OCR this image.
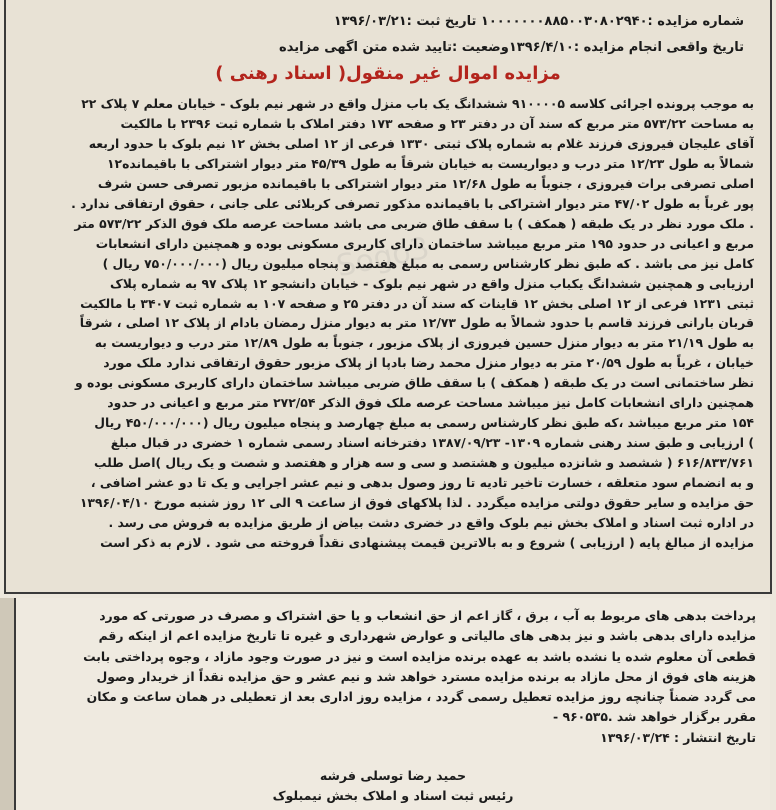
Sogo3
شماره مزایده :۱۰۰۰۰۰۰۰۸۸۵۰۰۳۰۸۰۲۹۴۰ تاریخ ثبت :۱۳۹۶/۰۳/۲۱
تاریخ واقعی انجام مزایده :۱۳۹۶/۴/۱۰وضعیت :تایید شده متن اگهی مزایده
مزایده اموال غیر منقول( اسناد رهنی )
به موجب پرونده اجرائی کلاسه ۹۱۰۰۰۰۵ ششدانگ یک باب منزل واقع در شهر نیم بلوک - خیابان معلم ۷ پلاک ۲۲
به مساحت ۵۷۳/۲۲ متر مربع که سند آن در دفتر ۲۳ و صفحه ۱۷۳ دفتر املاک با شماره ثبت ۲۳۹۶ با مالکیت
آقای علیجان فیروزی فرزند غلام به شماره پلاک ثبتی ۱۳۳۰ فرعی از ۱۲ اصلی بخش ۱۲ نیم بلوک با حدود اربعه
شمالاً به طول ۱۲/۲۳ متر درب و دیواریست به خیابان شرقاً به طول ۴۵/۳۹ متر دیوار اشتراکی با باقیمانده۱۲
اصلی تصرفی برات فیروزی ، جنوباً به طول ۱۲/۶۸ متر دیوار اشتراکی با باقیمانده مزبور تصرفی حسن شرف
پور غرباً به طول ۴۷/۰۲ متر دیوار اشتراکی با باقیمانده مذکور تصرفی کربلائی علی جانی ، حقوق ارتفاقی ندارد .
. ملک مورد نظر در یک طبقه ( همکف ) با سقف طاق ضربی می باشد مساحت عرصه ملک فوق الذکر ۵۷۳/۲۲ متر
مربع و اعیانی در حدود ۱۹۵ متر مربع میباشد ساختمان دارای کاربری مسکونی بوده و همچنین دارای انشعابات
کامل نیز می باشد . که طبق نظر کارشناس رسمی به مبلغ هفتصد و پنجاه میلیون ریال (۷۵۰/۰۰۰/۰۰۰ ریال )
ارزیابی و همچنین ششدانگ یکباب منزل واقع در شهر نیم بلوک - خیابان دانشجو ۱۲ پلاک ۹۷ به شماره پلاک
ثبتی ۱۲۳۱ فرعی از ۱۲ اصلی بخش ۱۲ قاینات که سند آن در دفتر ۲۵ و صفحه ۱۰۷ به شماره ثبت ۳۴۰۷ با مالکیت
قربان بارانی فرزند قاسم با حدود شمالاً به طول ۱۲/۷۳ متر به دیوار منزل رمضان بادام از پلاک ۱۲ اصلی ، شرقاً
به طول ۲۱/۱۹ متر به دیوار منزل حسین فیروزی از پلاک مزبور ، جنوباً به طول ۱۲/۸۹ متر درب و دیواریست به
خیابان ، غرباً به طول ۲۰/۵۹ متر به دیوار منزل محمد رضا بادپا از پلاک مزبور حقوق ارتفاقی ندارد ملک مورد
نظر ساختمانی است در یک طبقه ( همکف ) با سقف طاق ضربی میباشد ساختمان دارای کاربری مسکونی بوده و
همچنین دارای انشعابات کامل نیز میباشد مساحت عرصه ملک فوق الذکر ۲۷۲/۵۴ متر مربع و اعیانی در حدود
۱۵۴ متر مربع میباشد ،که طبق نظر کارشناس رسمی به مبلغ چهارصد و پنجاه میلیون ریال (۴۵۰/۰۰۰/۰۰۰ ریال
) ارزیابی و طبق سند رهنی شماره ۱۳۰۹- ۱۳۸۷/۰۹/۲۳ دفترخانه اسناد رسمی شماره ۱ خضری در قبال مبلغ
۶۱۶/۸۳۳/۷۶۱ ( ششصد و شانزده میلیون و هشتصد و سی و سه هزار و هفتصد و شصت و یک ریال )اصل طلب
و به انضمام سود متعلقه ، خسارت تاخیر تادیه تا روز وصول بدهی و نیم عشر اجرایی و یک تا دو عشر اضافی ،
حق مزایده و سایر حقوق دولتی مزایده میگردد . لذا پلاکهای فوق از ساعت ۹ الی ۱۲ روز شنبه مورخ ۱۳۹۶/۰۴/۱۰
در اداره ثبت اسناد و املاک بخش نیم بلوک واقع در خضری دشت بیاض از طریق مزایده به فروش می رسد .
مزایده از مبالغ پایه ( ارزیابی ) شروع و به بالاترین قیمت پیشنهادی نقداً فروخته می شود . لازم به ذکر است
پرداخت بدهی های مربوط به آب ، برق ، گاز اعم از حق انشعاب و یا حق اشتراک و مصرف در صورتی که مورد
مزایده دارای بدهی باشد و نیز بدهی های مالیاتی و عوارض شهرداری و غیره تا تاریخ مزایده اعم از اینکه رقم
قطعی آن معلوم شده یا نشده باشد به عهده برنده مزایده است و نیز در صورت وجود مازاد ، وجوه پرداختی بابت
هزینه های فوق از محل مازاد به برنده مزایده مسترد خواهد شد و نیم عشر و حق مزایده نقداً از خریدار وصول
می گردد ضمناً چنانچه روز مزایده تعطیل رسمی گردد ، مزایده روز اداری بعد از تعطیلی در همان ساعت و مکان
مقرر برگزار خواهد شد .۹۶۰۵۳۵ -
تاریخ انتشار : ۱۳۹۶/۰۳/۲۴
حمید رضا توسلی فرشه
رئیس ثبت اسناد و املاک بخش نیمبلوک
